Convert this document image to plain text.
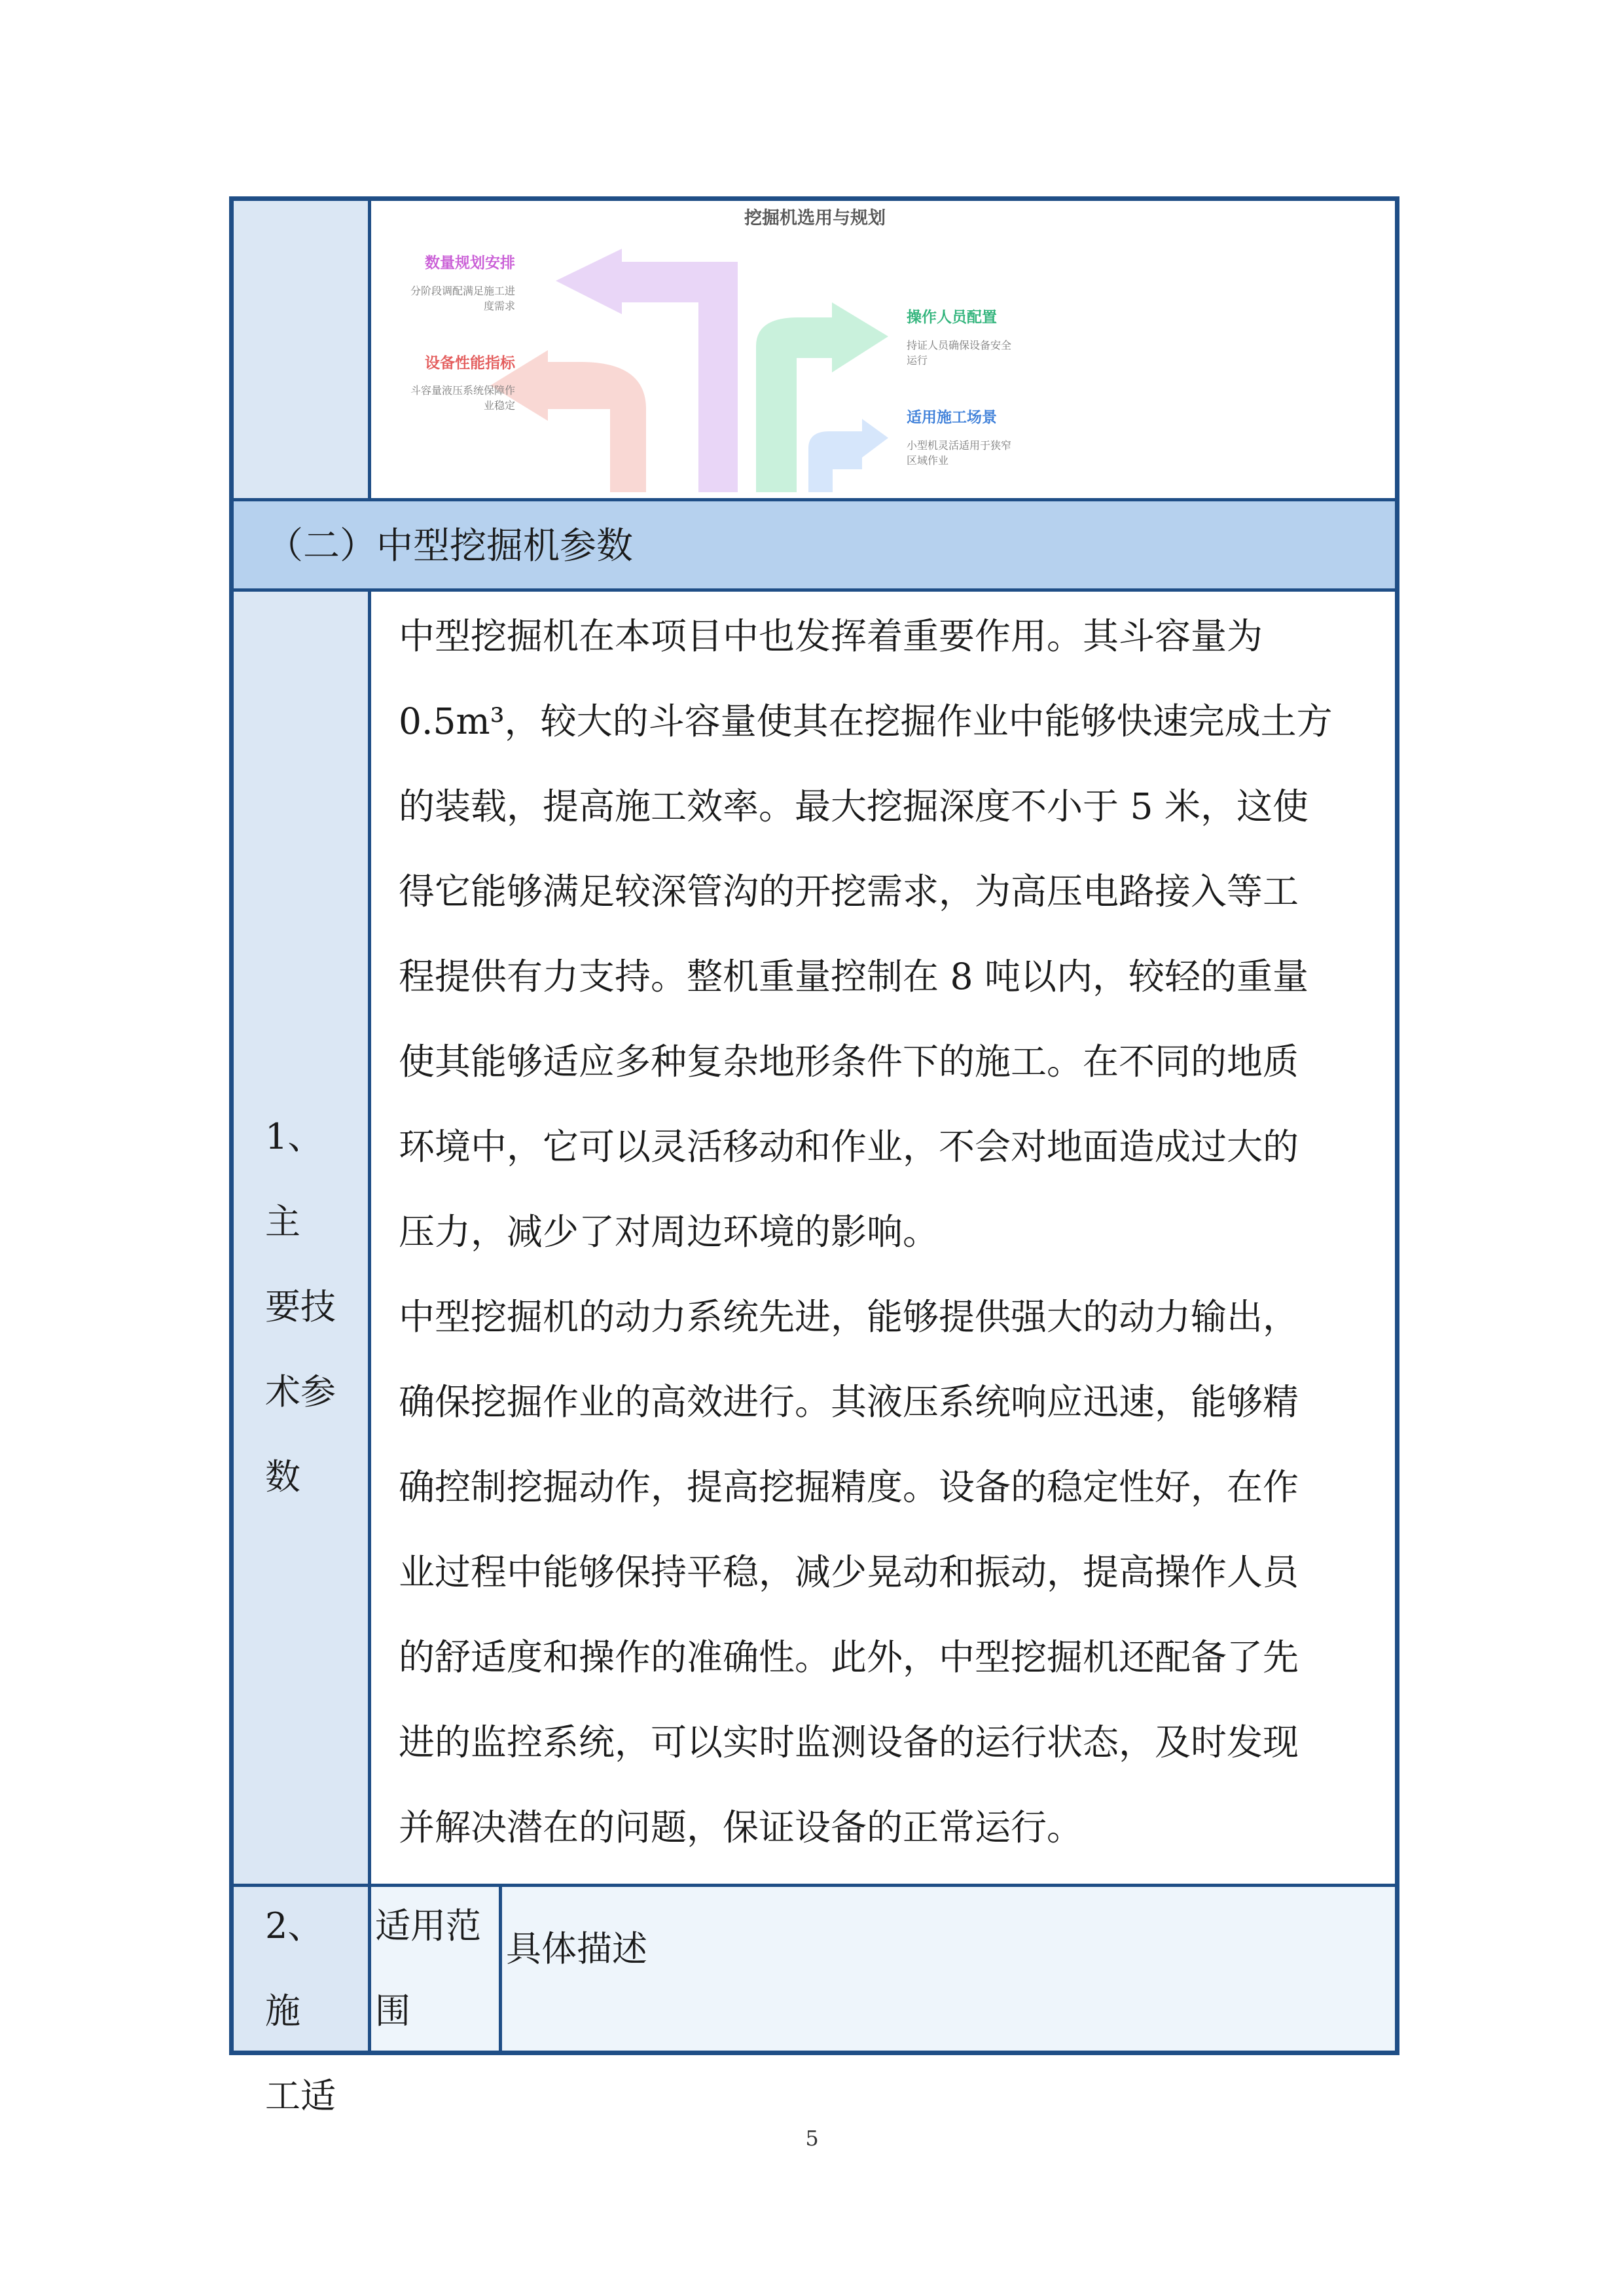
挖掘机选用与规划
数量规划安排
分阶段调配满足施工进
度需求
设备性能指标
斗容量液压系统保障作
业稳定
操作人员配置
持证人员确保设备安全
运行
适用施工场景
小型机灵活适用于狭窄
区域作业
（二）中型挖掘机参数
1、主
要技
术参
数

中型挖掘机在本项目中也发挥着重要作用。其斗容量为

0.5m³，较大的斗容量使其在挖掘作业中能够快速完成土方

的装载，提高施工效率。最大挖掘深度不小于 5 米，这使

得它能够满足较深管沟的开挖需求，为高压电路接入等工

程提供有力支持。整机重量控制在 8 吨以内，较轻的重量

使其能够适应多种复杂地形条件下的施工。在不同的地质

环境中，它可以灵活移动和作业，不会对地面造成过大的

压力，减少了对周边环境的影响。

中型挖掘机的动力系统先进，能够提供强大的动力输出，

确保挖掘作业的高效进行。其液压系统响应迅速，能够精

确控制挖掘动作，提高挖掘精度。设备的稳定性好，在作

业过程中能够保持平稳，减少晃动和振动，提高操作人员

的舒适度和操作的准确性。此外，中型挖掘机还配备了先

进的监控系统，可以实时监测设备的运行状态，及时发现

并解决潜在的问题，保证设备的正常运行。

2、施
工适
适用范
围
具体描述
5
